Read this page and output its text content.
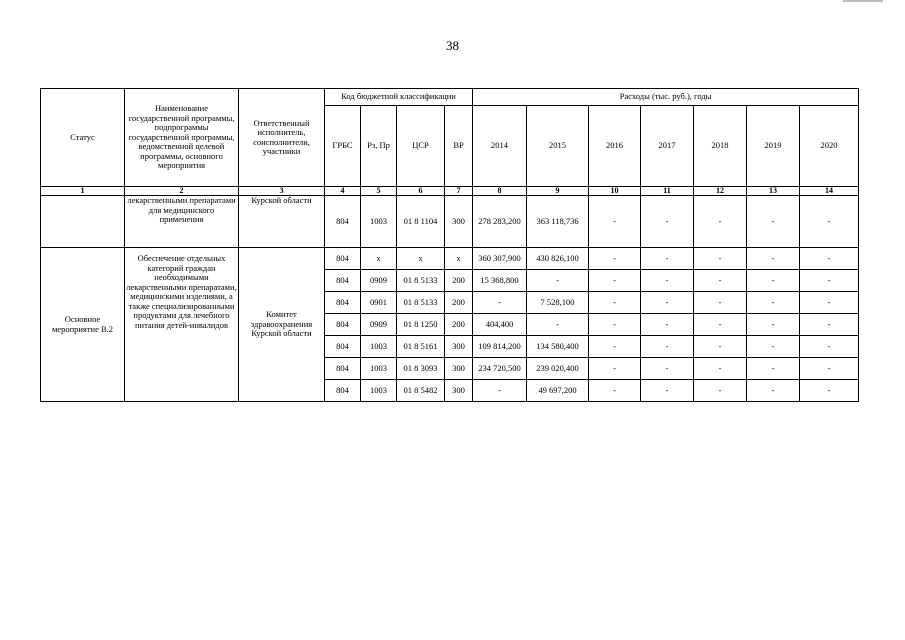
38
Статус	Наименование государственной программы, подпрограммы государственной программы, ведомственной целевой программы, основного мероприятия	Ответственный исполнитель, соисполнители, участники	Код бюджетной классификации				Расходы (тыс. руб.), годы						
			ГРБС	Рз, Пр	ЦСР	ВР	2014	2015	2016	2017	2018	2019	2020
1	2	3	4	5	6	7	8	9	10	11	12	13	14
	лекарственными препаратами для медицинского применения	Курской области	804	1003	01 8 1104	300	278 283,200	363 118,736	-	-	-	-	-
Основное мероприятие В.2	Обеспечение отдельных категорий граждан необходимыми лекарственными препаратами, медицинскими изделиями, а также специализированными продуктами для лечебного питания детей-инвалидов	Комитет здравоохранения Курской области	804	x	x	x	360 307,900	430 826,100	-	-	-	-	-
			804	0909	01 8 5133	200	15 368,800	-	-	-	-	-	-
			804	0901	01 8 5133	200	-	7 528,100	-	-	-	-	-
			804	0909	01 8 1250	200	404,400	-	-	-	-	-	-
			804	1003	01 8 5161	300	109 814,200	134 580,400	-	-	-	-	-
			804	1003	01 8 3093	300	234 720,500	239 020,400	-	-	-	-	-
			804	1003	01 8 5482	300	-	49 697,200	-	-	-	-	-
